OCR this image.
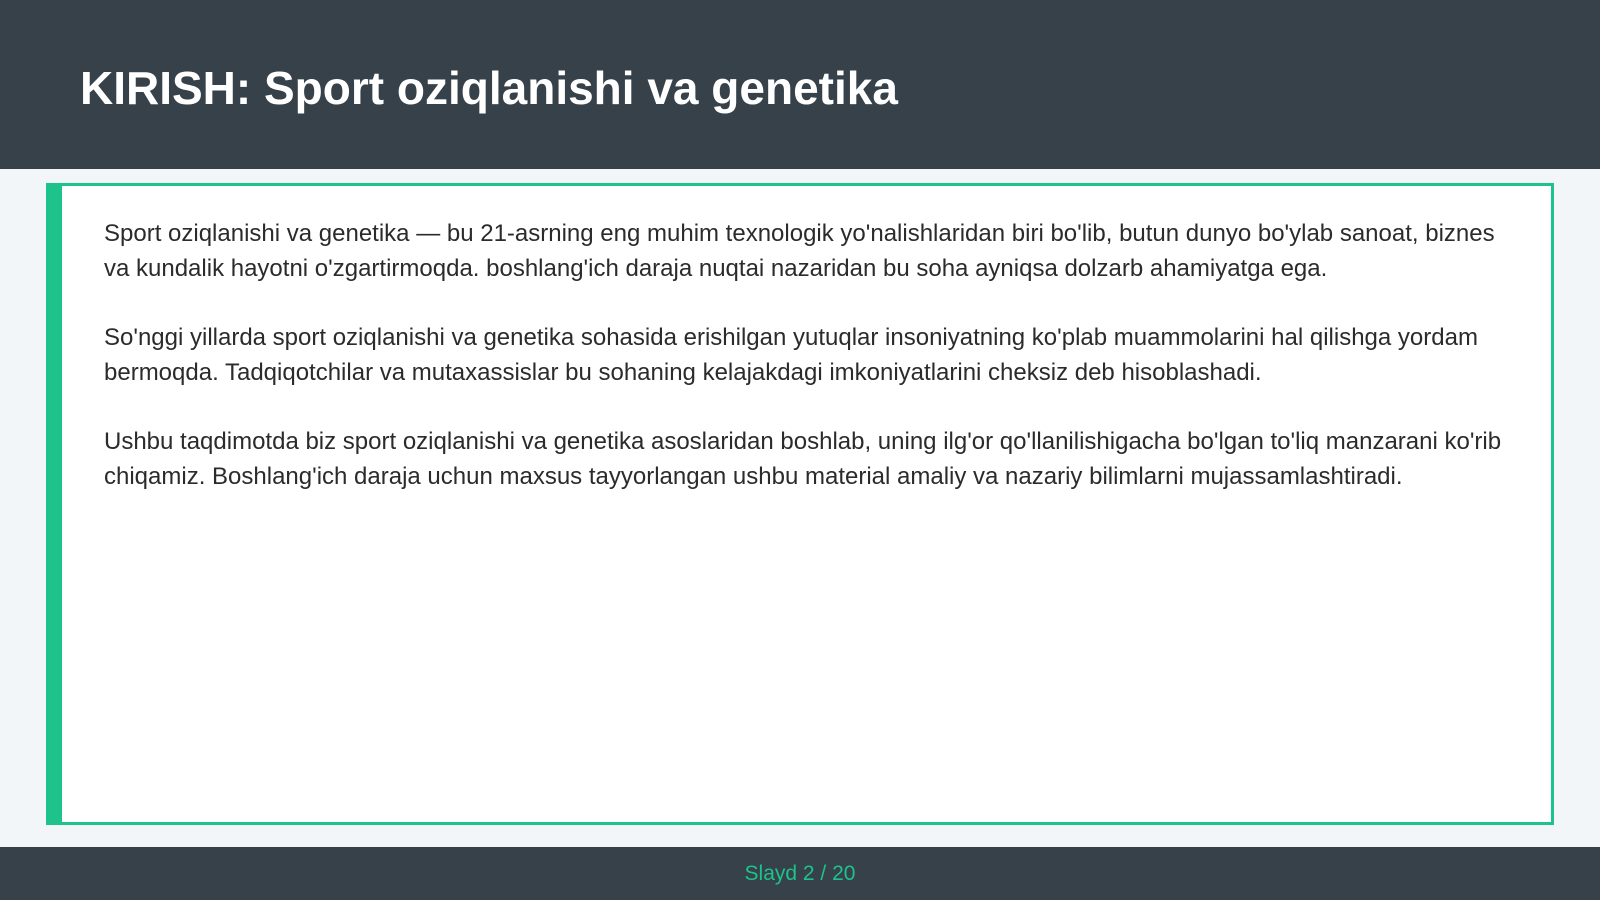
KIRISH: Sport oziqlanishi va genetika

Sport oziqlanishi va genetika — bu 21-asrning eng muhim texnologik yo'nalishlaridan biri bo'lib, butun dunyo bo'ylab sanoat, biznes va kundalik hayotni o'zgartirmoqda. boshlang'ich daraja nuqtai nazaridan bu soha ayniqsa dolzarb ahamiyatga ega.

So'nggi yillarda sport oziqlanishi va genetika sohasida erishilgan yutuqlar insoniyatning ko'plab muammolarini hal qilishga yordam bermoqda. Tadqiqotchilar va mutaxassislar bu sohaning kelajakdagi imkoniyatlarini cheksiz deb hisoblashadi.

Ushbu taqdimotda biz sport oziqlanishi va genetika asoslaridan boshlab, uning ilg'or qo'llanilishigacha bo'lgan to'liq manzarani ko'rib chiqamiz. Boshlang'ich daraja uchun maxsus tayyorlangan ushbu material amaliy va nazariy bilimlarni mujassamlashtiradi.

Slayd 2 / 20
